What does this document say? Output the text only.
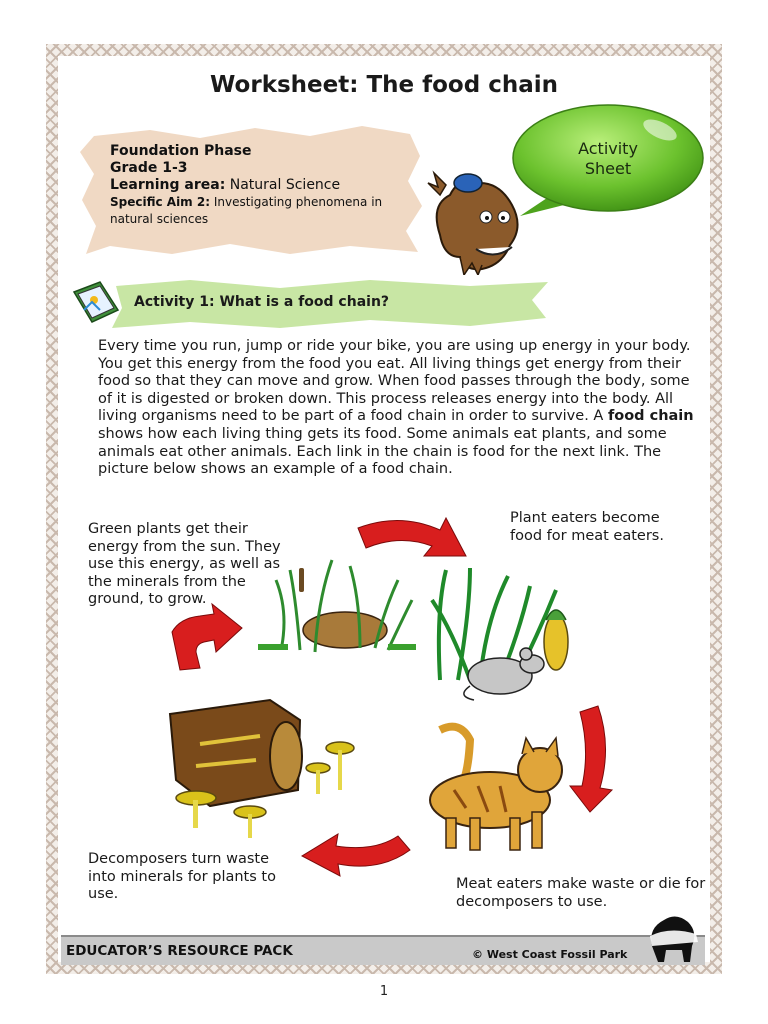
Worksheet: The food chain
Foundation Phase
Grade 1-3
Learning area: Natural Science
Specific Aim 2: Investigating phenomena in natural sciences
Activity
Sheet
Activity 1: What is a food chain?
Every time you run, jump or ride your bike, you are using up energy in your body. You get this energy from the food you eat. All living things get energy from their food so that they can move and grow. When food passes through the body, some of it is digested or broken down. This process releases energy into the body. All living organisms need to be part of a food chain in order to survive. A food chain shows how each living thing gets its food. Some animals eat plants, and some animals eat other animals. Each link in the chain is food for the next link. The picture below shows an example of a food chain.
Green plants get their energy from the sun. They use this energy, as well as the minerals from the ground, to grow.
Plant eaters become food for meat eaters.
Decomposers turn waste into minerals for plants to use.
Meat eaters make waste or die for decomposers to use.
EDUCATOR’S RESOURCE PACK	© West Coast Fossil Park
1
